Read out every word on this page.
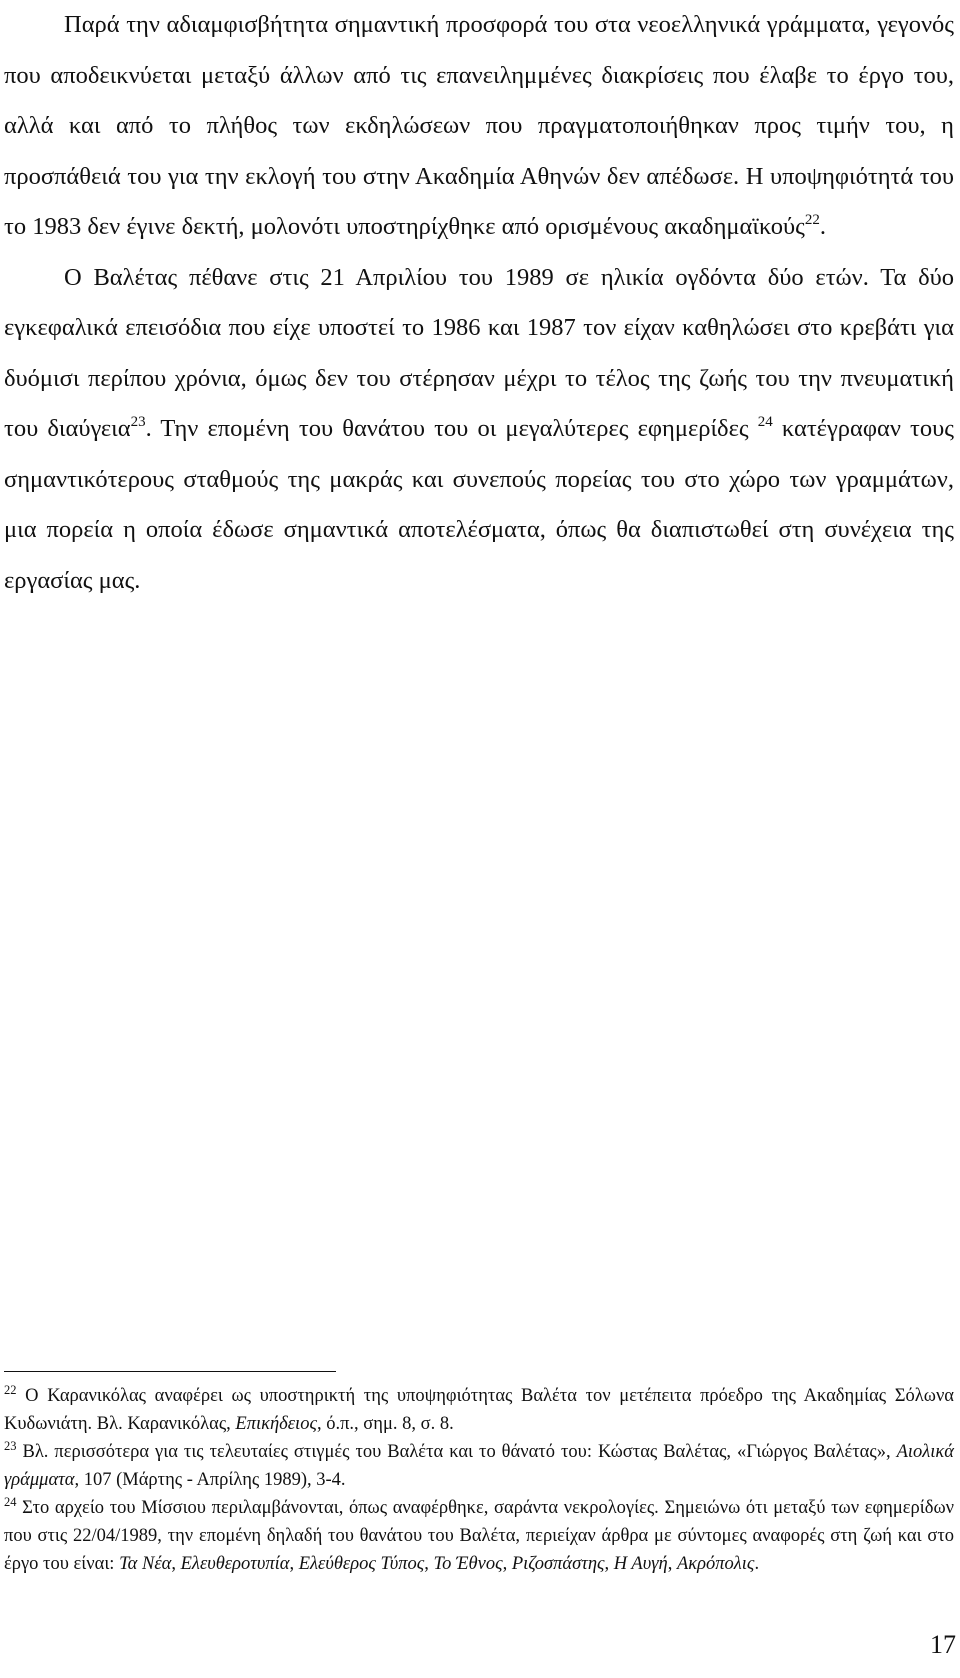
Παρά την αδιαμφισβήτητα σημαντική προσφορά του στα νεοελληνικά γράμματα, γεγονός που αποδεικνύεται μεταξύ άλλων από τις επανειλημμένες διακρίσεις που έλαβε το έργο του, αλλά και από το πλήθος των εκδηλώσεων που πραγματοποιήθηκαν προς τιμήν του, η προσπάθειά του για την εκλογή του στην Ακαδημία Αθηνών δεν απέδωσε. Η υποψηφιότητά του το 1983 δεν έγινε δεκτή, μολονότι υποστηρίχθηκε από ορισμένους ακαδημαϊκούς$^{22}$.

Ο Βαλέτας πέθανε στις 21 Απριλίου του 1989 σε ηλικία ογδόντα δύο ετών. Τα δύο εγκεφαλικά επεισόδια που είχε υποστεί το 1986 και 1987 τον είχαν καθηλώσει στο κρεβάτι για δυόμισι περίπου χρόνια, όμως δεν του στέρησαν μέχρι το τέλος της ζωής του την πνευματική του διαύγεια$^{23}$. Την επομένη του θανάτου του οι μεγαλύτερες εφημερίδες $^{24}$ κατέγραφαν τους σημαντικότερους σταθμούς της μακράς και συνεπούς πορείας του στο χώρο των γραμμάτων, μια πορεία η οποία έδωσε σημαντικά αποτελέσματα, όπως θα διαπιστωθεί στη συνέχεια της εργασίας μας.

$^{22}$ Ο Καρανικόλας αναφέρει ως υποστηρικτή της υποψηφιότητας Βαλέτα τον μετέπειτα πρόεδρο της Ακαδημίας Σόλωνα Κυδωνιάτη. Βλ. Καρανικόλας, Επικήδειος, ό.π., σημ. 8, σ. 8.

$^{23}$ Βλ. περισσότερα για τις τελευταίες στιγμές του Βαλέτα και το θάνατό του: Κώστας Βαλέτας, «Γιώργος Βαλέτας», Αιολικά γράμματα, 107 (Μάρτης - Απρίλης 1989), 3-4.

$^{24}$ Στο αρχείο του Μίσσιου περιλαμβάνονται, όπως αναφέρθηκε, σαράντα νεκρολογίες. Σημειώνω ότι μεταξύ των εφημερίδων που στις 22/04/1989, την επομένη δηλαδή του θανάτου του Βαλέτα, περιείχαν άρθρα με σύντομες αναφορές στη ζωή και στο έργο του είναι: Τα Νέα, Ελευθεροτυπία, Ελεύθερος Τύπος, Το Έθνος, Ριζοσπάστης, Η Αυγή, Ακρόπολις.

17
